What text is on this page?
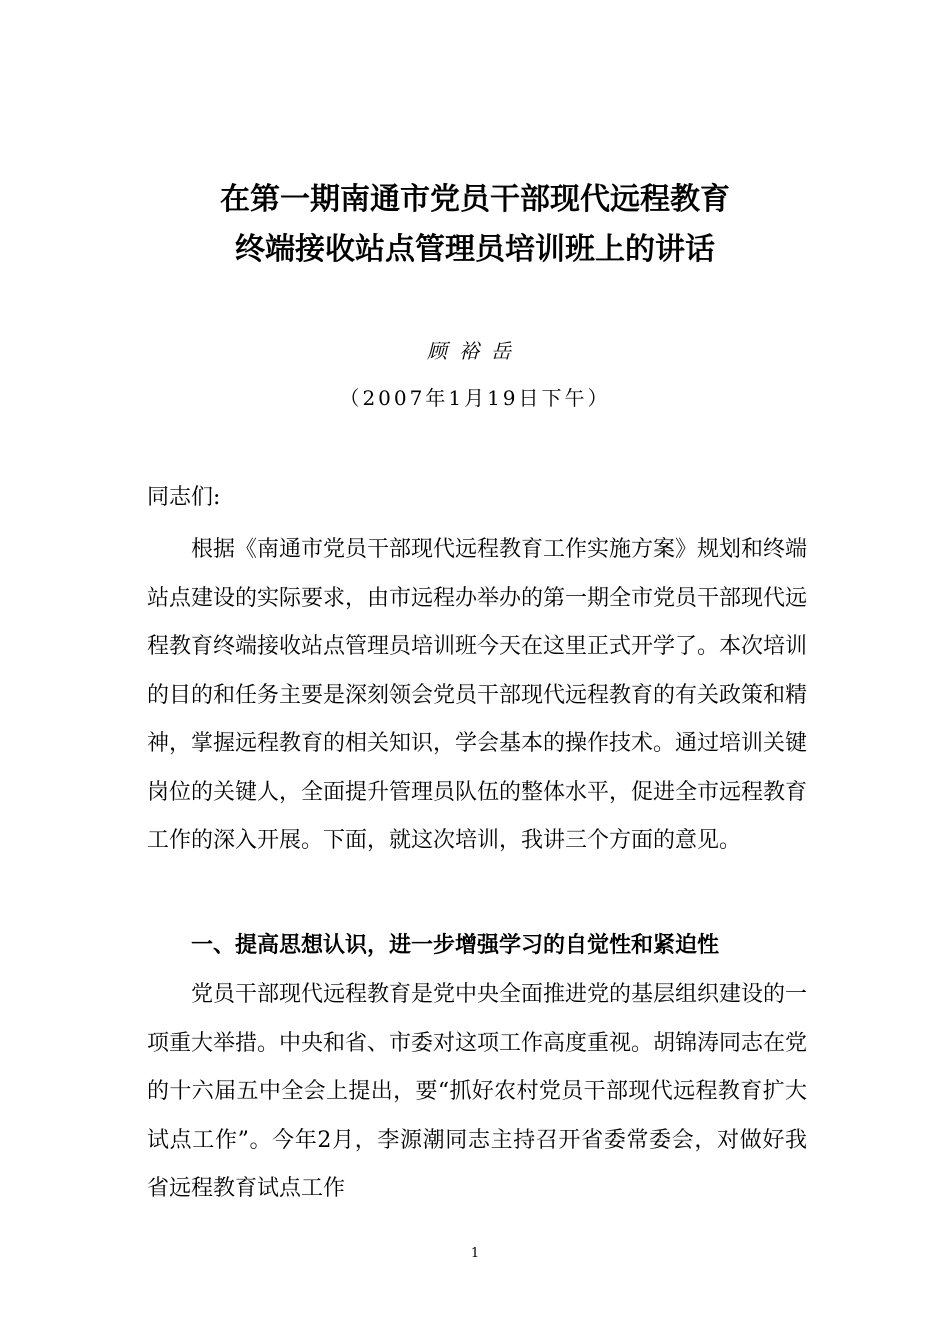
在第一期南通市党员干部现代远程教育
终端接收站点管理员培训班上的讲话
顾裕岳
（2007年1月19日下午）
同志们:

根据《南通市党员干部现代远程教育工作实施方案》规划和终端站点建设的实际要求，由市远程办举办的第一期全市党员干部现代远程教育终端接收站点管理员培训班今天在这里正式开学了。本次培训的目的和任务主要是深刻领会党员干部现代远程教育的有关政策和精神，掌握远程教育的相关知识，学会基本的操作技术。通过培训关键岗位的关键人，全面提升管理员队伍的整体水平，促进全市远程教育工作的深入开展。下面，就这次培训，我讲三个方面的意见。

一、提高思想认识，进一步增强学习的自觉性和紧迫性

党员干部现代远程教育是党中央全面推进党的基层组织建设的一项重大举措。中央和省、市委对这项工作高度重视。胡锦涛同志在党的十六届五中全会上提出，要“抓好农村党员干部现代远程教育扩大试点工作”。今年2月，李源潮同志主持召开省委常委会，对做好我省远程教育试点工作

1
